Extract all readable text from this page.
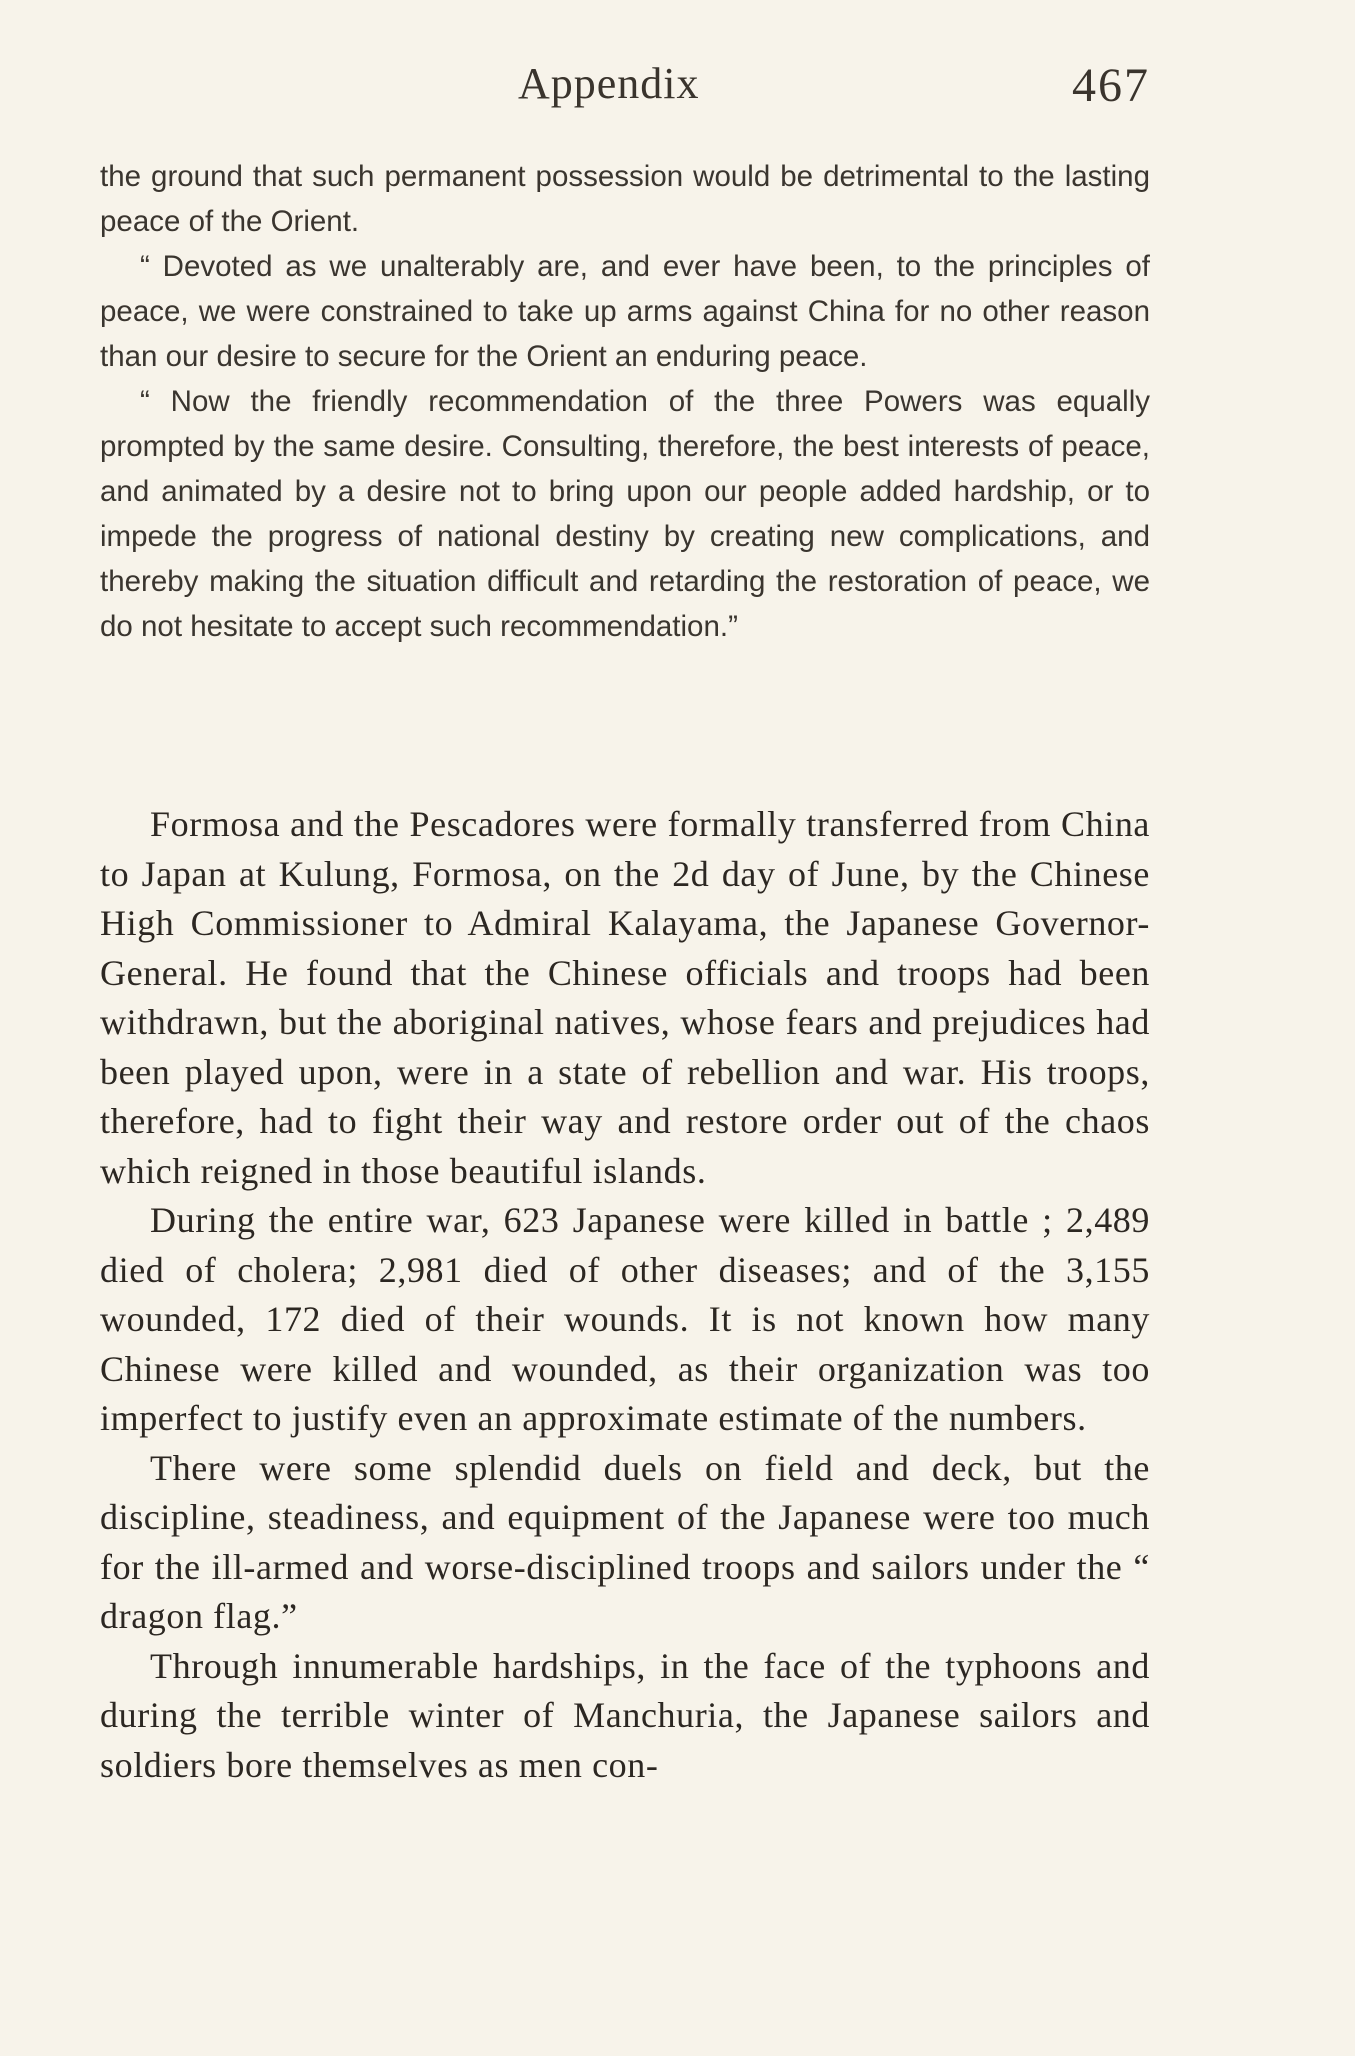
Appendix	467

the ground that such permanent possession would be detrimental to the lasting peace of the Orient.

“ Devoted as we unalterably are, and ever have been, to the principles of peace, we were constrained to take up arms against China for no other reason than our desire to secure for the Orient an enduring peace.

“ Now the friendly recommendation of the three Powers was equally prompted by the same desire. Consulting, therefore, the best interests of peace, and animated by a desire not to bring upon our people added hardship, or to impede the progress of national destiny by creating new complications, and thereby making the situation difficult and retarding the restoration of peace, we do not hesitate to accept such recommendation.”

Formosa and the Pescadores were formally transferred from China to Japan at Kulung, Formosa, on the 2d day of June, by the Chinese High Commissioner to Admiral Kalayama, the Japanese Governor-General. He found that the Chinese officials and troops had been withdrawn, but the aboriginal natives, whose fears and prejudices had been played upon, were in a state of rebellion and war. His troops, therefore, had to fight their way and restore order out of the chaos which reigned in those beautiful islands.

During the entire war, 623 Japanese were killed in battle ; 2,489 died of cholera; 2,981 died of other diseases; and of the 3,155 wounded, 172 died of their wounds. It is not known how many Chinese were killed and wounded, as their organization was too imperfect to justify even an approximate estimate of the numbers.

There were some splendid duels on field and deck, but the discipline, steadiness, and equipment of the Japanese were too much for the ill-armed and worse-disciplined troops and sailors under the “ dragon flag.”

Through innumerable hardships, in the face of the typhoons and during the terrible winter of Manchuria, the Japanese sailors and soldiers bore themselves as men con-
